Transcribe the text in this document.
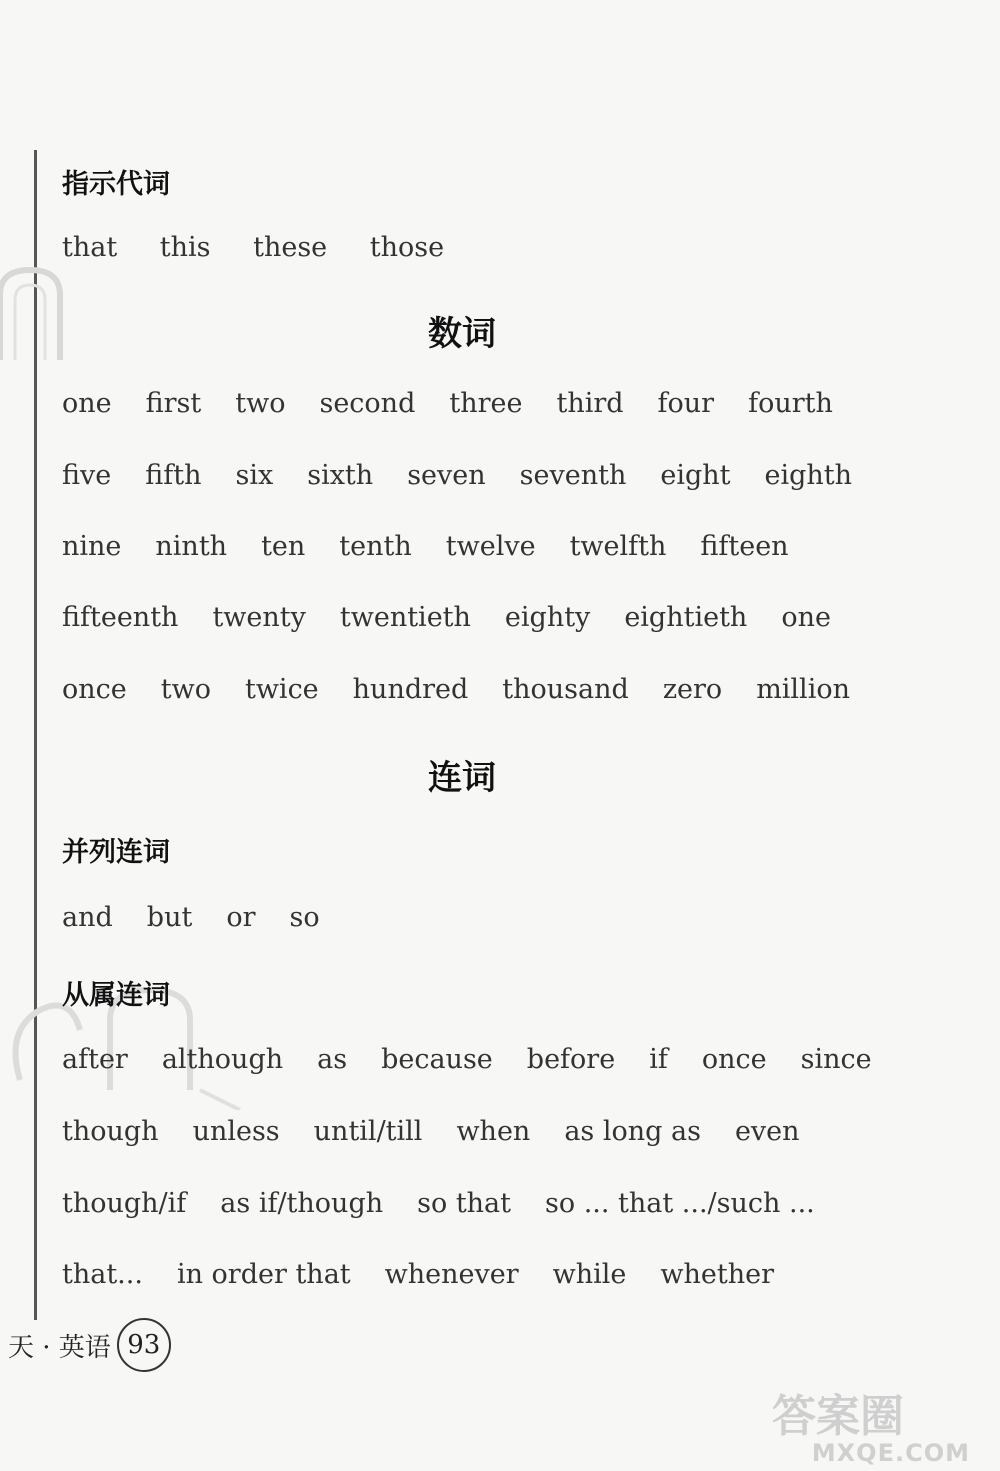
指示代词
that this these those
数词
one first two second three third four fourth
five fifth six sixth seven seventh eight eighth
nine ninth ten tenth twelve twelfth fifteen
fifteenth twenty twentieth eighty eightieth one
once two twice hundred thousand zero million
连词
并列连词
and but or so
从属连词
after although as because before if once since
though unless until/till when as long as even
though/if as if/though so that so ... that .../such ...
that... in order that whenever while whether
天 · 英语 93
答案圈
MXQE.COM
